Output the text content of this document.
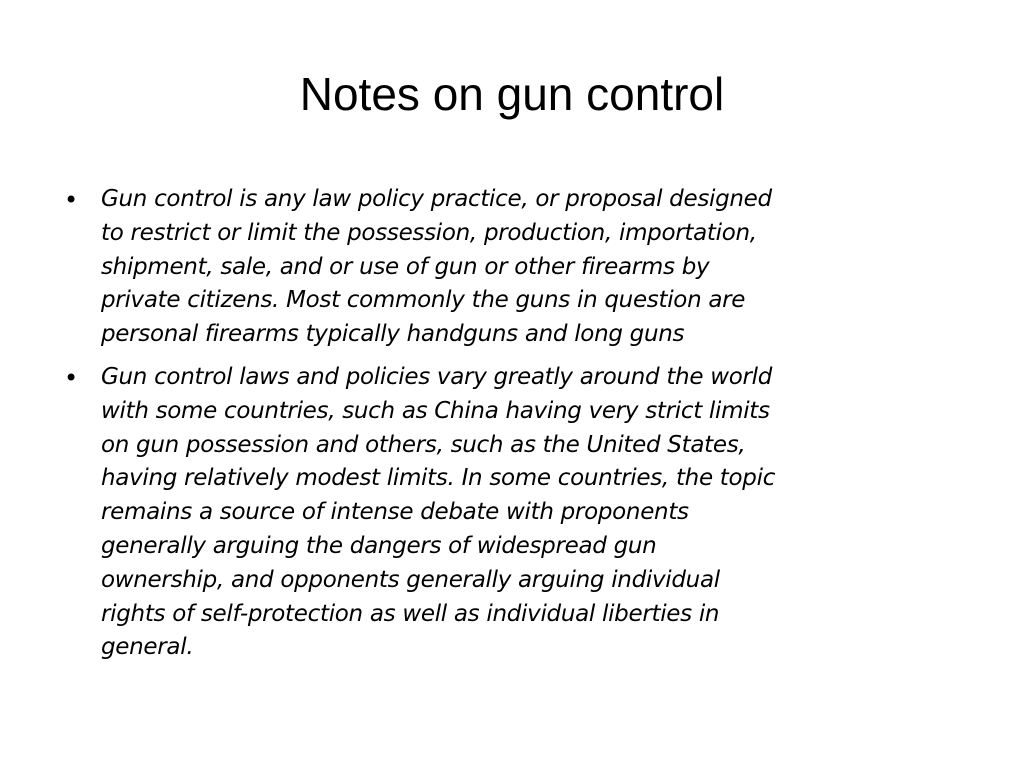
Notes on gun control
• Gun control is any law policy practice, or proposal designed
to restrict or limit the possession, production, importation,
shipment, sale, and or use of gun or other firearms by
private citizens. Most commonly the guns in question are
personal firearms typically handguns and long guns
• Gun control laws and policies vary greatly around the world
with some countries, such as China having very strict limits
on gun possession and others, such as the United States,
having relatively modest limits. In some countries, the topic
remains a source of intense debate with proponents
generally arguing the dangers of widespread gun
ownership, and opponents generally arguing individual
rights of self-protection as well as individual liberties in
general.
